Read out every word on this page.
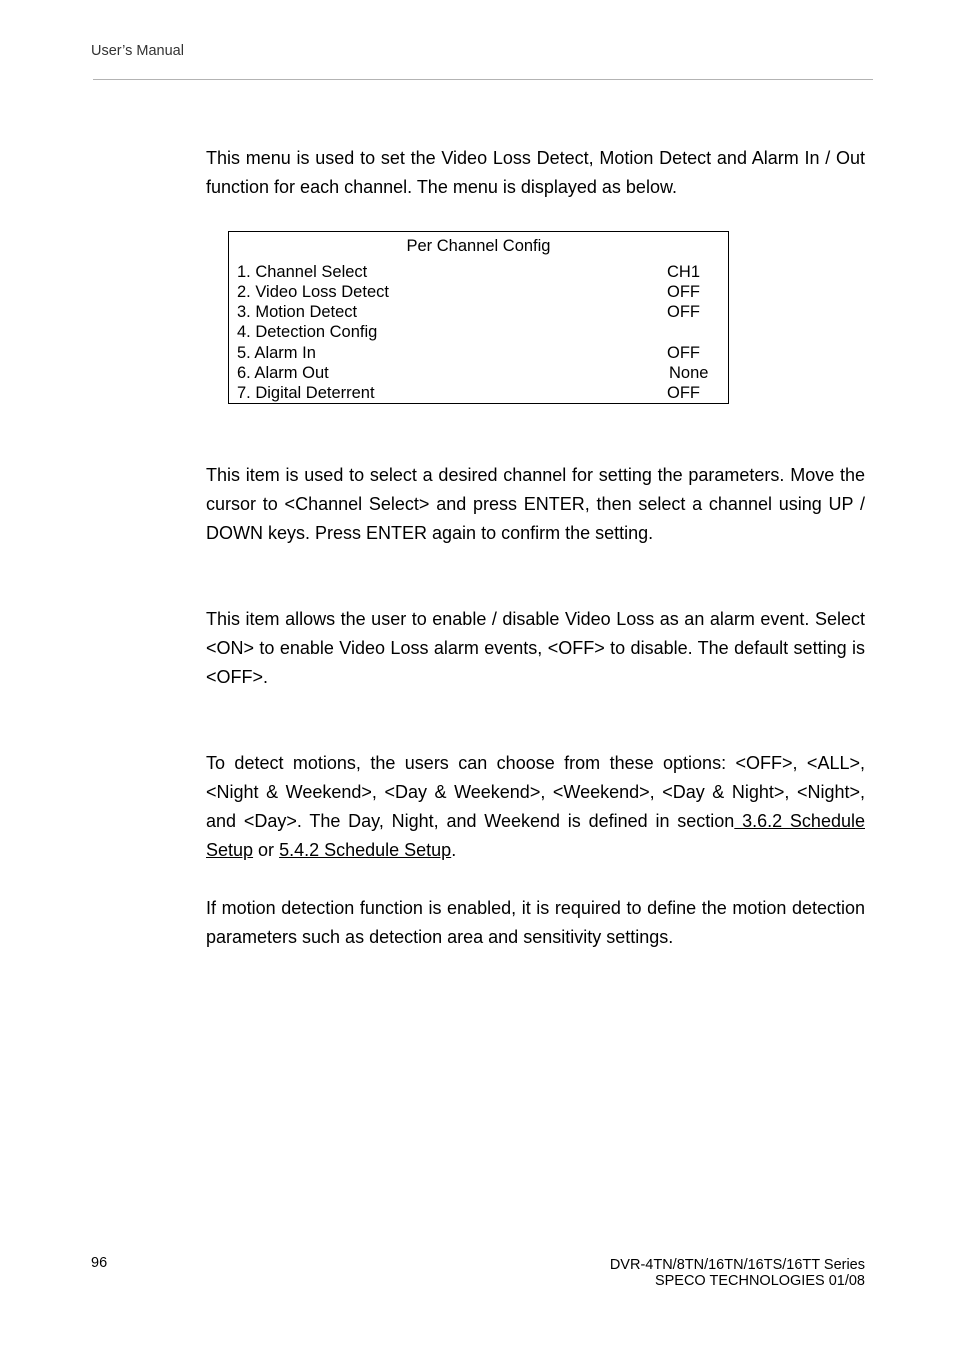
User’s Manual

This menu is used to set the Video Loss Detect, Motion Detect and Alarm In / Out function for each channel. The menu is displayed as below.

Per Channel Config
1. Channel Select	CH1
2. Video Loss Detect	OFF
3. Motion Detect	OFF
4. Detection Config
5. Alarm In	OFF
6. Alarm Out	None
7. Digital Deterrent	OFF

This item is used to select a desired channel for setting the parameters. Move the cursor to <Channel Select> and press ENTER, then select a channel using UP / DOWN keys. Press ENTER again to confirm the setting.

This item allows the user to enable / disable Video Loss as an alarm event. Select <ON> to enable Video Loss alarm events, <OFF> to disable. The default setting is <OFF>.

To detect motions, the users can choose from these options: <OFF>, <ALL>, <Night & Weekend>, <Day & Weekend>, <Weekend>, <Day & Night>, <Night>, and <Day>. The Day, Night, and Weekend is defined in section 3.6.2 Schedule Setup or 5.4.2 Schedule Setup.

If motion detection function is enabled, it is required to define the motion detection parameters such as detection area and sensitivity settings.

96	DVR-4TN/8TN/16TN/16TS/16TT Series
SPECO TECHNOLOGIES 01/08
